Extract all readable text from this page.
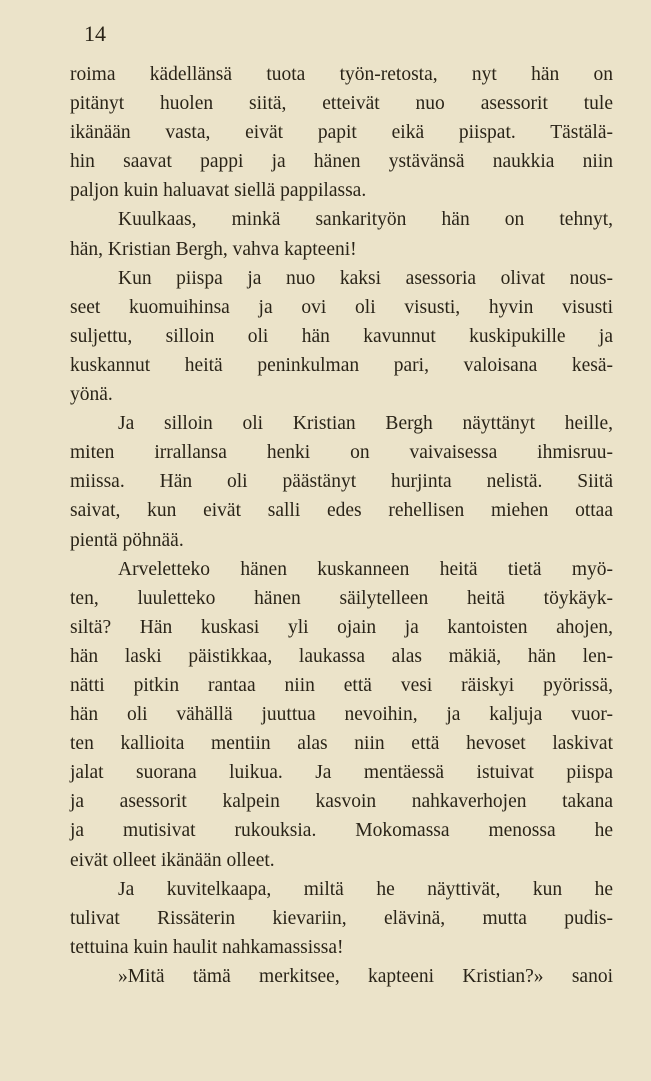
14
roima kädellänsä tuota työn-retosta, nyt hän on
pitänyt huolen siitä, etteivät nuo asessorit tule
ikänään vasta, eivät papit eikä piispat. Tästälä-
hin saavat pappi ja hänen ystävänsä naukkia niin
paljon kuin haluavat siellä pappilassa.
Kuulkaas, minkä sankarityön hän on tehnyt,
hän, Kristian Bergh, vahva kapteeni!
Kun piispa ja nuo kaksi asessoria olivat nous-
seet kuomuihinsa ja ovi oli visusti, hyvin visusti
suljettu, silloin oli hän kavunnut kuskipukille ja
kuskannut heitä peninkulman pari, valoisana kesä-
yönä.
Ja silloin oli Kristian Bergh näyttänyt heille,
miten irrallansa henki on vaivaisessa ihmisruu-
miissa. Hän oli päästänyt hurjinta nelistä. Siitä
saivat, kun eivät salli edes rehellisen miehen ottaa
pientä pöhnää.
Arveletteko hänen kuskanneen heitä tietä myö-
ten, luuletteko hänen säilytelleen heitä töykäyk-
siltä? Hän kuskasi yli ojain ja kantoisten ahojen,
hän laski päistikkaa, laukassa alas mäkiä, hän len-
nätti pitkin rantaa niin että vesi räiskyi pyörissä,
hän oli vähällä juuttua nevoihin, ja kaljuja vuor-
ten kallioita mentiin alas niin että hevoset laskivat
jalat suorana luikua. Ja mentäessä istuivat piispa
ja asessorit kalpein kasvoin nahkaverhojen takana
ja mutisivat rukouksia. Mokomassa menossa he
eivät olleet ikänään olleet.
Ja kuvitelkaapa, miltä he näyttivät, kun he
tulivat Rissäterin kievariin, elävinä, mutta pudis-
tettuina kuin haulit nahkamassissa!
»Mitä tämä merkitsee, kapteeni Kristian?» sanoi
